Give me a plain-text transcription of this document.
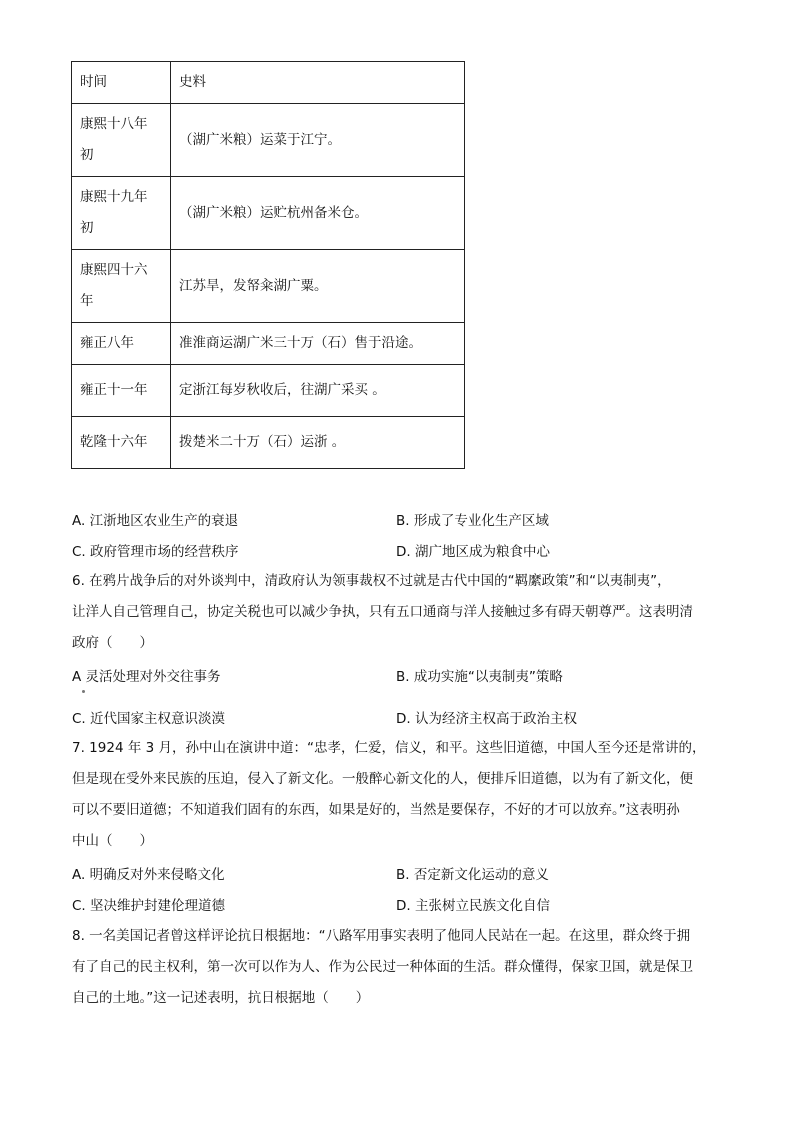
时间	史料
康熙十八年
初	（湖广米粮）运菜于江宁。
康熙十九年
初	（湖广米粮）运贮杭州备米仓。
康熙四十六
年	江苏旱，发帑籴湖广粟。
雍正八年	准淮商运湖广米三十万（石）售于沿途。
雍正十一年	定浙江每岁秋收后，往湖广采买 。
乾隆十六年	拨楚米二十万（石）运浙 。
A. 江浙地区农业生产的衰退	B. 形成了专业化生产区域
C. 政府管理市场的经营秩序	D. 湖广地区成为粮食中心
6. 在鸦片战争后的对外谈判中，清政府认为领事裁权不过就是古代中国的“羁縻政策”和“以夷制夷”，
让洋人自己管理自己，协定关税也可以减少争执，只有五口通商与洋人接触过多有碍天朝尊严。这表明清
政府（　　）
A 灵活处理对外交往事务	B. 成功实施“以夷制夷”策略
C. 近代国家主权意识淡漠	D. 认为经济主权高于政治主权
7. 1924 年 3 月，孙中山在演讲中道：“忠孝，仁爱，信义，和平。这些旧道德，中国人至今还是常讲的，
但是现在受外来民族的压迫，侵入了新文化。一般醉心新文化的人，便排斥旧道德，以为有了新文化，便
可以不要旧道德；不知道我们固有的东西，如果是好的，当然是要保存，不好的才可以放弃。”这表明孙
中山（　　）
A. 明确反对外来侵略文化	B. 否定新文化运动的意义
C. 坚决维护封建伦理道德	D. 主张树立民族文化自信
8. 一名美国记者曾这样评论抗日根据地：“八路军用事实表明了他同人民站在一起。在这里，群众终于拥
有了自己的民主权利，第一次可以作为人、作为公民过一种体面的生活。群众懂得，保家卫国，就是保卫
自己的土地。”这一记述表明，抗日根据地（　　）
